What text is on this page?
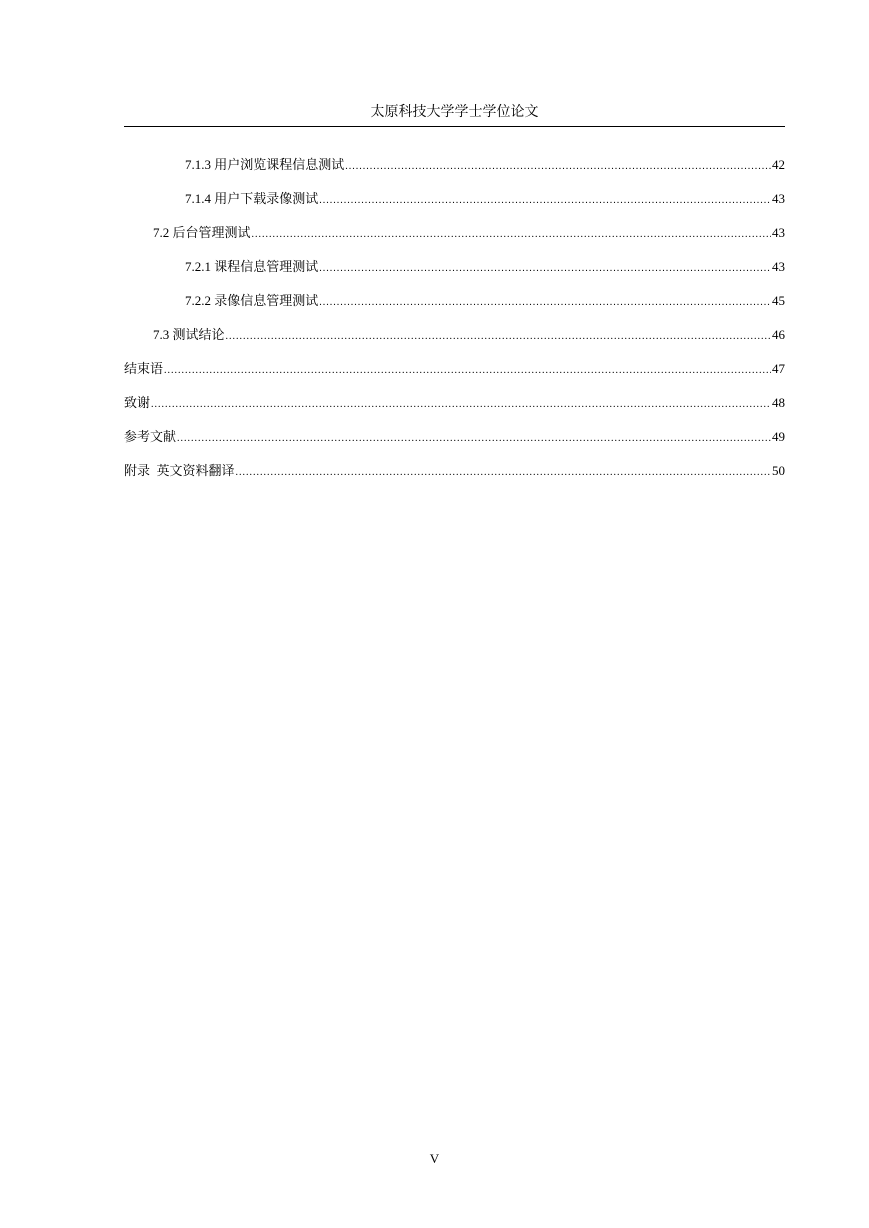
太原科技大学学士学位论文
7.1.3 用户浏览课程信息测试 .....	42
7.1.4 用户下载录像测试 .....	43
7.2 后台管理测试 .....	43
7.2.1 课程信息管理测试 .....	43
7.2.2 录像信息管理测试 .....	45
7.3 测试结论 .....	46
结束语 .....	47
致谢 .....	48
参考文献 .....	49
附录  英文资料翻译 .....	50
V
